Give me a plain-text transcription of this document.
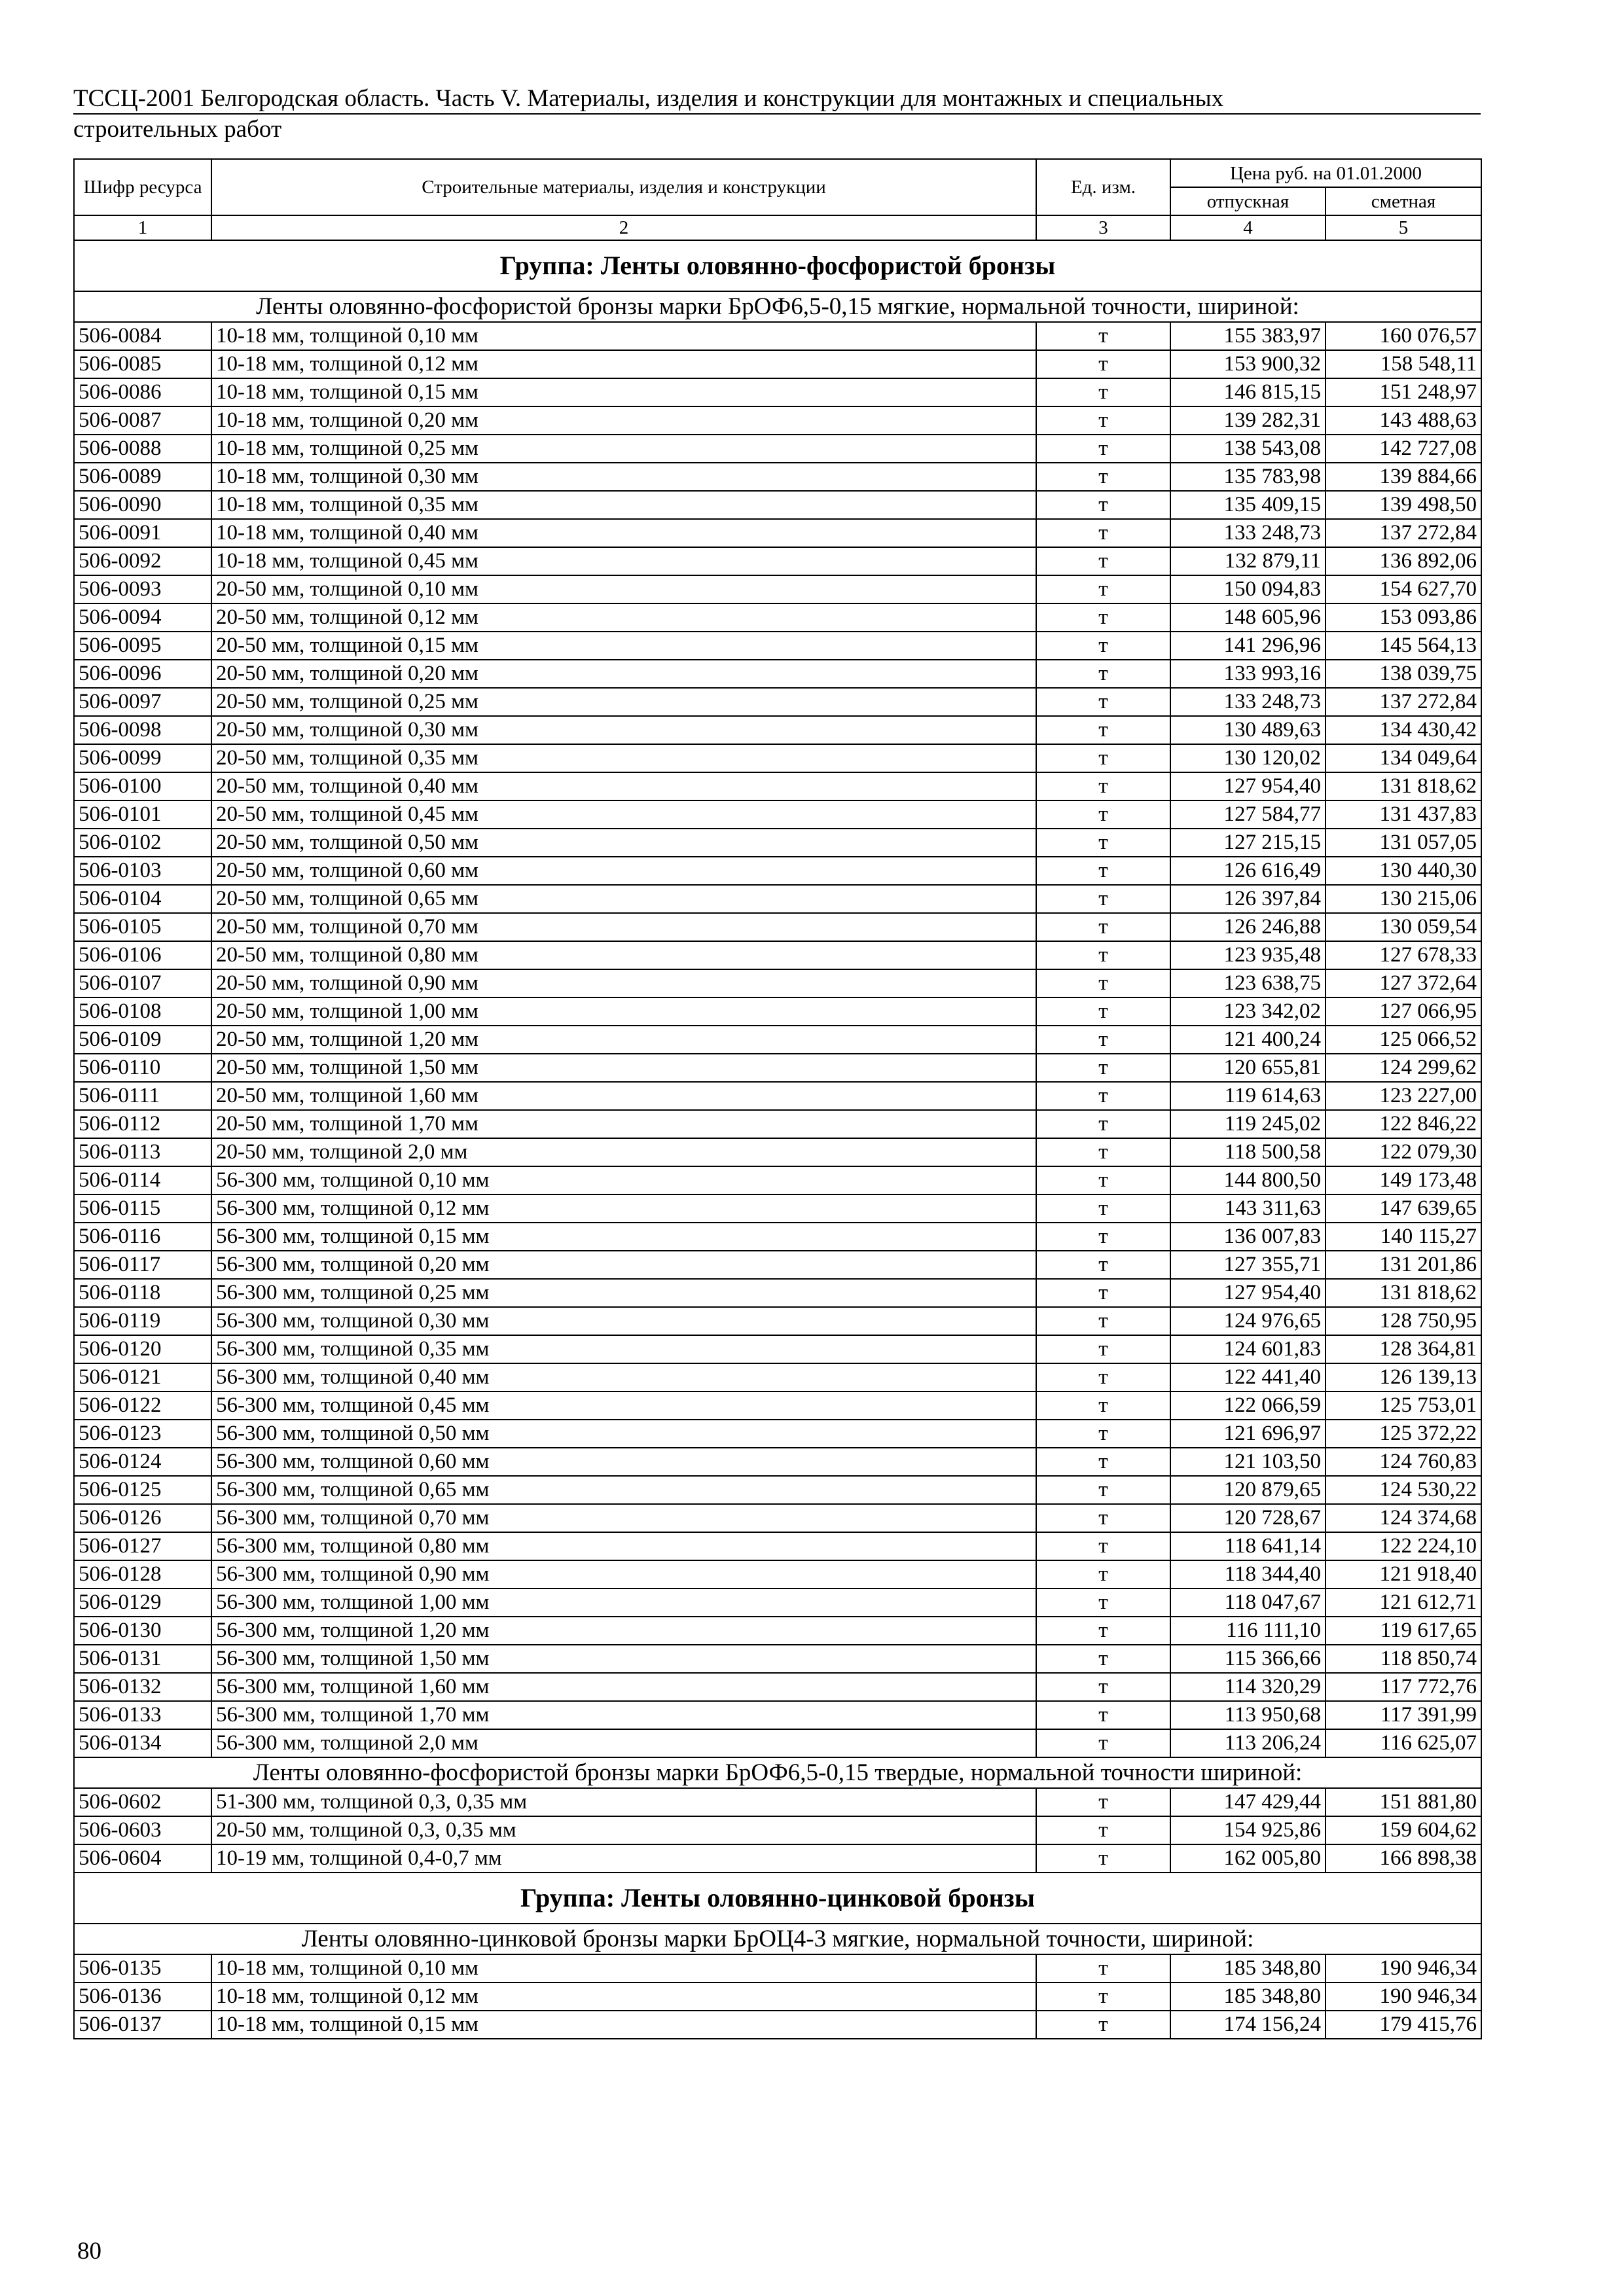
ТССЦ-2001 Белгородская область. Часть V. Материалы, изделия и конструкции для монтажных и специальных
строительных работ
Шифр ресурса	Строительные материалы, изделия и конструкции	Ед. изм.	Цена руб. на 01.01.2000	
			отпускная	сметная
1	2	3	4	5
Группа: Ленты оловянно-фосфористой бронзы				
Ленты оловянно-фосфористой бронзы марки БрОФ6,5-0,15 мягкие, нормальной точности, шириной:				
506-0084	10-18 мм, толщиной 0,10 мм	т	155 383,97	160 076,57
506-0085	10-18 мм, толщиной 0,12 мм	т	153 900,32	158 548,11
506-0086	10-18 мм, толщиной 0,15 мм	т	146 815,15	151 248,97
506-0087	10-18 мм, толщиной 0,20 мм	т	139 282,31	143 488,63
506-0088	10-18 мм, толщиной 0,25 мм	т	138 543,08	142 727,08
506-0089	10-18 мм, толщиной 0,30 мм	т	135 783,98	139 884,66
506-0090	10-18 мм, толщиной 0,35 мм	т	135 409,15	139 498,50
506-0091	10-18 мм, толщиной 0,40 мм	т	133 248,73	137 272,84
506-0092	10-18 мм, толщиной 0,45 мм	т	132 879,11	136 892,06
506-0093	20-50 мм, толщиной 0,10 мм	т	150 094,83	154 627,70
506-0094	20-50 мм, толщиной 0,12 мм	т	148 605,96	153 093,86
506-0095	20-50 мм, толщиной 0,15 мм	т	141 296,96	145 564,13
506-0096	20-50 мм, толщиной 0,20 мм	т	133 993,16	138 039,75
506-0097	20-50 мм, толщиной 0,25 мм	т	133 248,73	137 272,84
506-0098	20-50 мм, толщиной 0,30 мм	т	130 489,63	134 430,42
506-0099	20-50 мм, толщиной 0,35 мм	т	130 120,02	134 049,64
506-0100	20-50 мм, толщиной 0,40 мм	т	127 954,40	131 818,62
506-0101	20-50 мм, толщиной 0,45 мм	т	127 584,77	131 437,83
506-0102	20-50 мм, толщиной 0,50 мм	т	127 215,15	131 057,05
506-0103	20-50 мм, толщиной 0,60 мм	т	126 616,49	130 440,30
506-0104	20-50 мм, толщиной 0,65 мм	т	126 397,84	130 215,06
506-0105	20-50 мм, толщиной 0,70 мм	т	126 246,88	130 059,54
506-0106	20-50 мм, толщиной 0,80 мм	т	123 935,48	127 678,33
506-0107	20-50 мм, толщиной 0,90 мм	т	123 638,75	127 372,64
506-0108	20-50 мм, толщиной 1,00 мм	т	123 342,02	127 066,95
506-0109	20-50 мм, толщиной 1,20 мм	т	121 400,24	125 066,52
506-0110	20-50 мм, толщиной 1,50 мм	т	120 655,81	124 299,62
506-0111	20-50 мм, толщиной 1,60 мм	т	119 614,63	123 227,00
506-0112	20-50 мм, толщиной 1,70 мм	т	119 245,02	122 846,22
506-0113	20-50 мм, толщиной 2,0 мм	т	118 500,58	122 079,30
506-0114	56-300 мм, толщиной 0,10 мм	т	144 800,50	149 173,48
506-0115	56-300 мм, толщиной 0,12 мм	т	143 311,63	147 639,65
506-0116	56-300 мм, толщиной 0,15 мм	т	136 007,83	140 115,27
506-0117	56-300 мм, толщиной 0,20 мм	т	127 355,71	131 201,86
506-0118	56-300 мм, толщиной 0,25 мм	т	127 954,40	131 818,62
506-0119	56-300 мм, толщиной 0,30 мм	т	124 976,65	128 750,95
506-0120	56-300 мм, толщиной 0,35 мм	т	124 601,83	128 364,81
506-0121	56-300 мм, толщиной 0,40 мм	т	122 441,40	126 139,13
506-0122	56-300 мм, толщиной 0,45 мм	т	122 066,59	125 753,01
506-0123	56-300 мм, толщиной 0,50 мм	т	121 696,97	125 372,22
506-0124	56-300 мм, толщиной 0,60 мм	т	121 103,50	124 760,83
506-0125	56-300 мм, толщиной 0,65 мм	т	120 879,65	124 530,22
506-0126	56-300 мм, толщиной 0,70 мм	т	120 728,67	124 374,68
506-0127	56-300 мм, толщиной 0,80 мм	т	118 641,14	122 224,10
506-0128	56-300 мм, толщиной 0,90 мм	т	118 344,40	121 918,40
506-0129	56-300 мм, толщиной 1,00 мм	т	118 047,67	121 612,71
506-0130	56-300 мм, толщиной 1,20 мм	т	116 111,10	119 617,65
506-0131	56-300 мм, толщиной 1,50 мм	т	115 366,66	118 850,74
506-0132	56-300 мм, толщиной 1,60 мм	т	114 320,29	117 772,76
506-0133	56-300 мм, толщиной 1,70 мм	т	113 950,68	117 391,99
506-0134	56-300 мм, толщиной 2,0 мм	т	113 206,24	116 625,07
Ленты оловянно-фосфористой бронзы марки БрОФ6,5-0,15 твердые, нормальной точности шириной:				
506-0602	51-300 мм, толщиной 0,3, 0,35 мм	т	147 429,44	151 881,80
506-0603	20-50 мм, толщиной 0,3, 0,35 мм	т	154 925,86	159 604,62
506-0604	10-19 мм, толщиной 0,4-0,7 мм	т	162 005,80	166 898,38
Группа: Ленты оловянно-цинковой бронзы				
Ленты оловянно-цинковой бронзы марки БрОЦ4-3 мягкие, нормальной точности, шириной:				
506-0135	10-18 мм, толщиной 0,10 мм	т	185 348,80	190 946,34
506-0136	10-18 мм, толщиной 0,12 мм	т	185 348,80	190 946,34
506-0137	10-18 мм, толщиной 0,15 мм	т	174 156,24	179 415,76
80
